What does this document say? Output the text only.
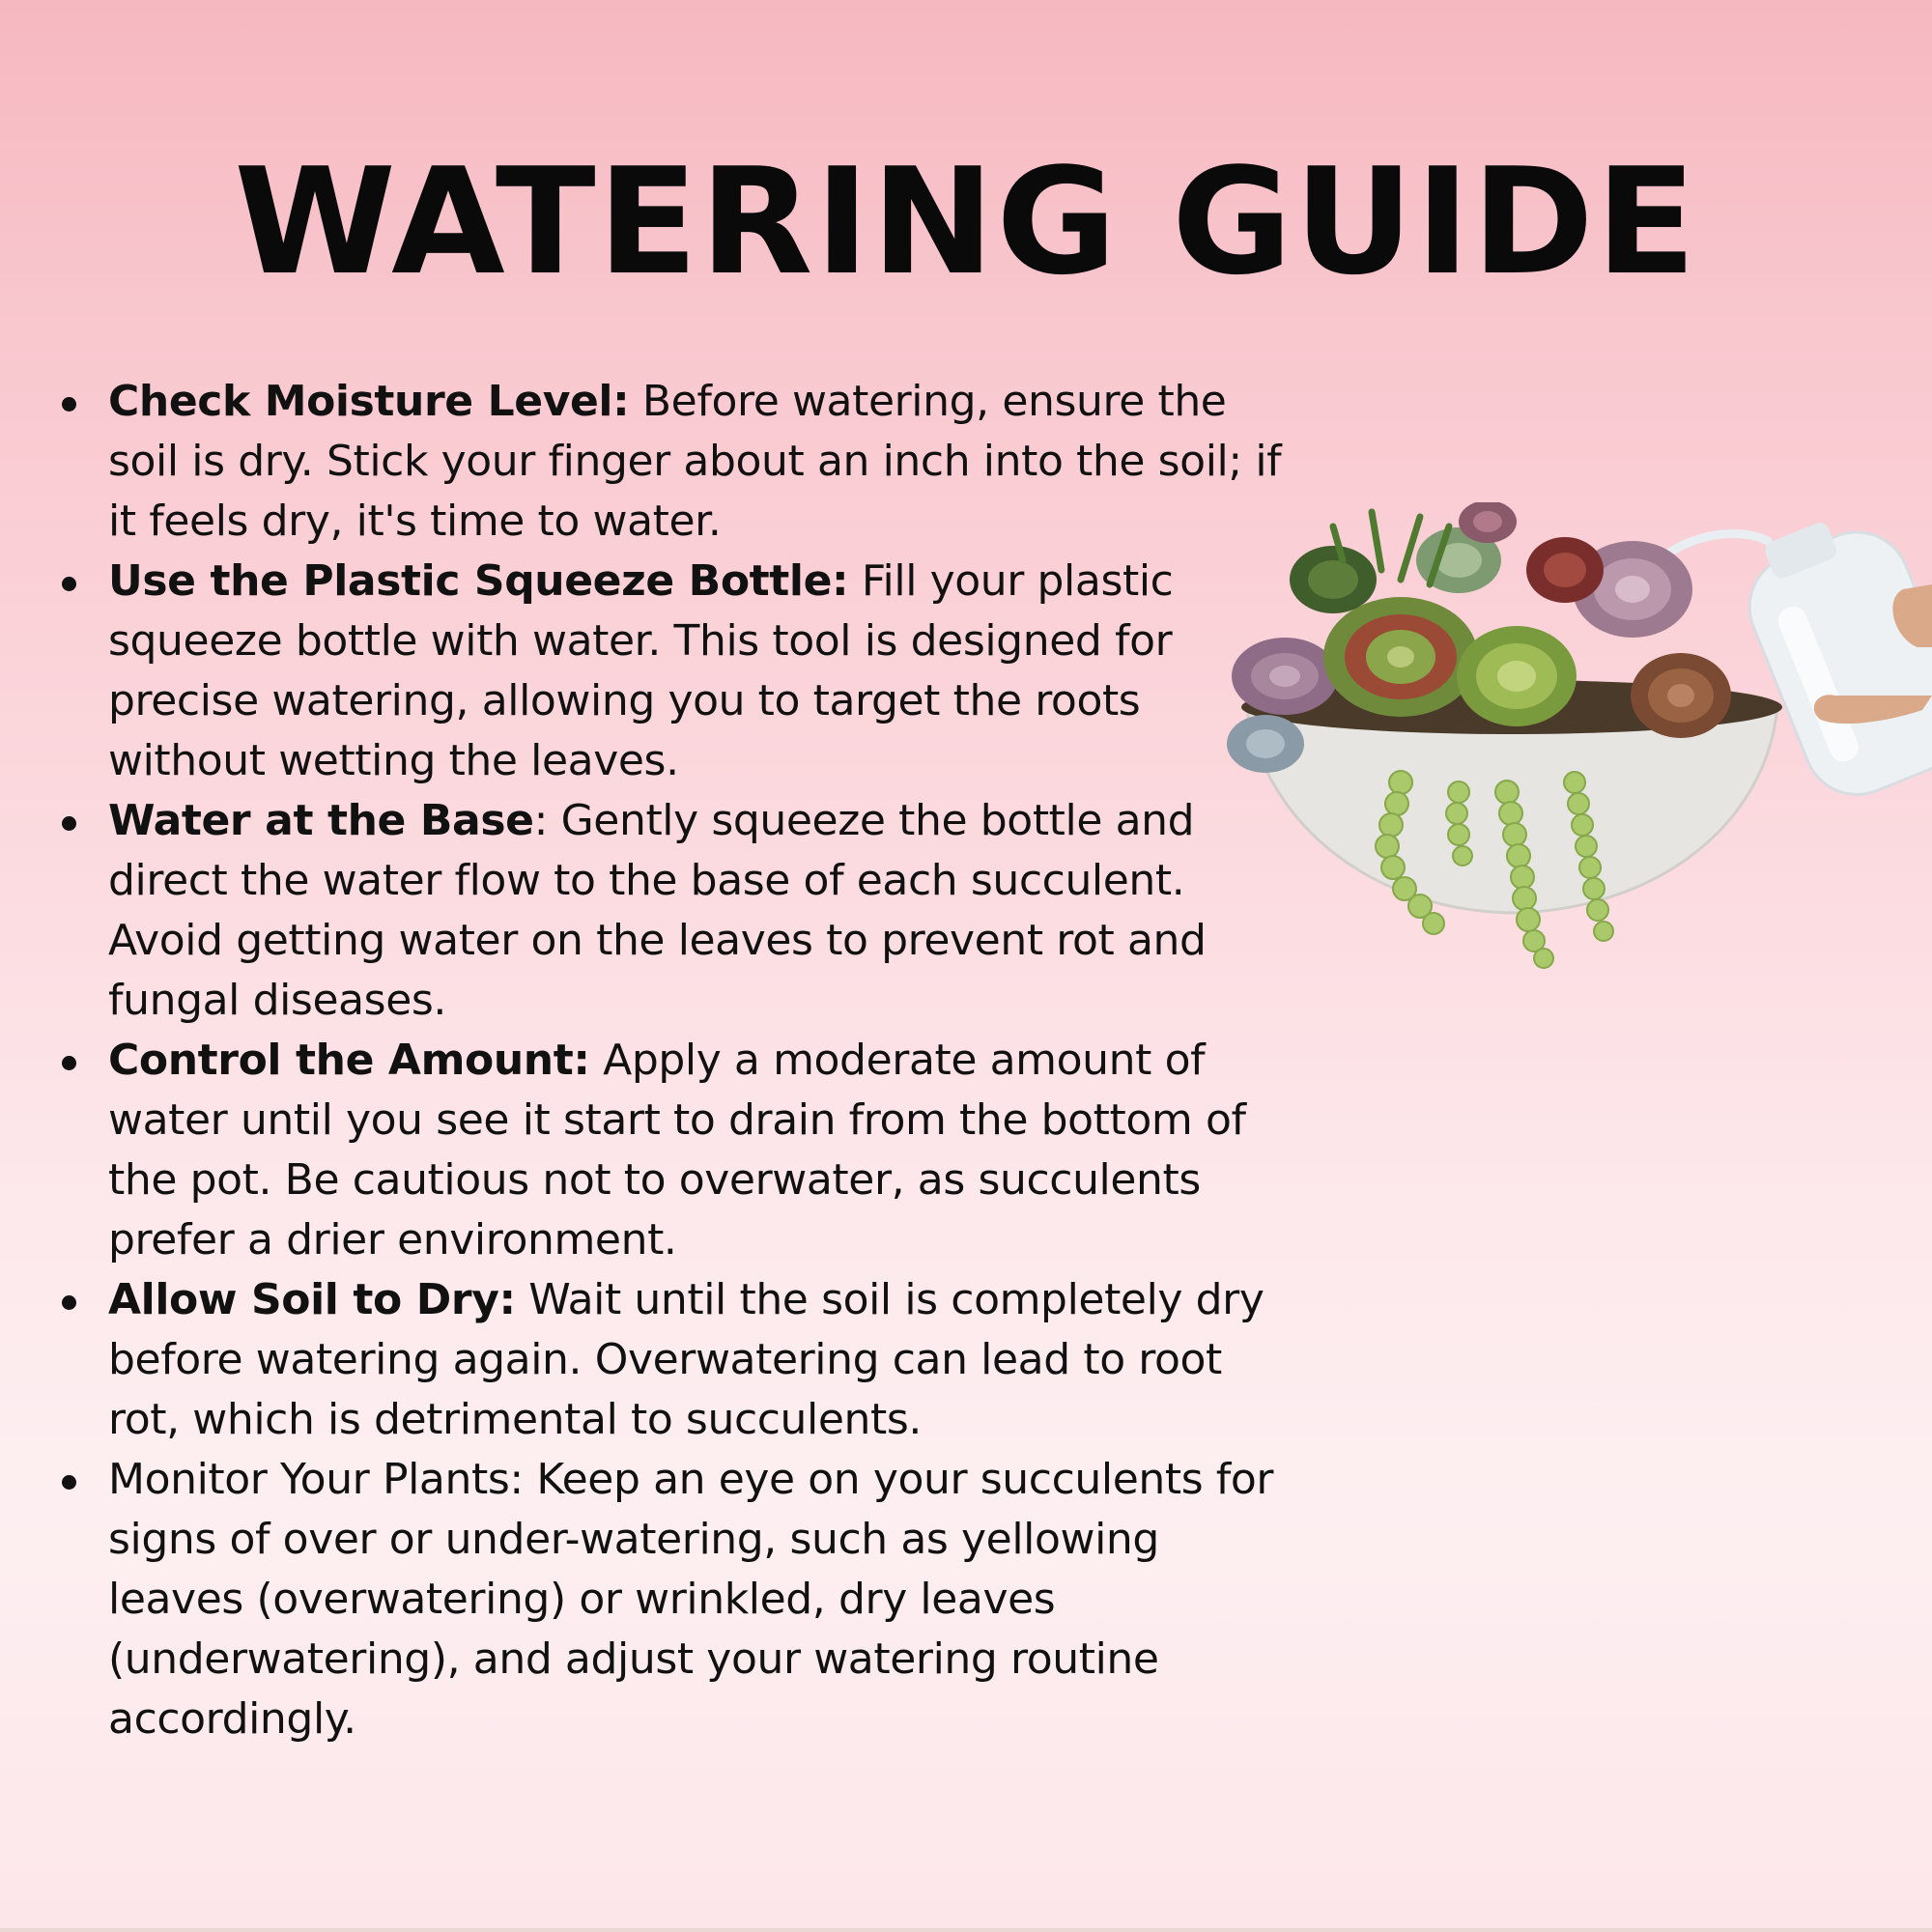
WATERING GUIDE
Check Moisture Level: Before watering, ensure the soil is dry. Stick your finger about an inch into the soil; if it feels dry, it's time to water.
Use the Plastic Squeeze Bottle: Fill your plastic squeeze bottle with water. This tool is designed for precise watering, allowing you to target the roots without wetting the leaves.
Water at the Base: Gently squeeze the bottle and direct the water flow to the base of each succulent. Avoid getting water on the leaves to prevent rot and fungal diseases.
Control the Amount: Apply a moderate amount of water until you see it start to drain from the bottom of the pot. Be cautious not to overwater, as succulents prefer a drier environment.
Allow Soil to Dry: Wait until the soil is completely dry before watering again. Overwatering can lead to root rot, which is detrimental to succulents.
Monitor Your Plants: Keep an eye on your succulents for signs of over or under-watering, such as yellowing leaves (overwatering) or wrinkled, dry leaves (underwatering), and adjust your watering routine accordingly.
